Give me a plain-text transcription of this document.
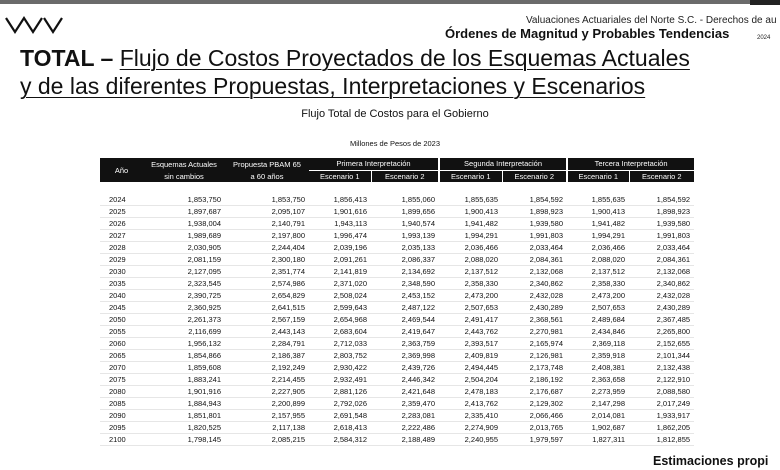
Valuaciones Actuariales del Norte S.C. - Derechos de au
Órdenes de Magnitud y Probables Tendencias	2024
TOTAL – Flujo de Costos Proyectados de los Esquemas Actuales
y de las diferentes Propuestas, Interpretaciones y Escenarios
Flujo Total de Costos para el Gobierno
Millones de Pesos de 2023
Año	Esquemas Actuales	Propuesta PBAM 65	Primera Interpretación		Segunda Interpretación		Tercera Interpretación	
	sin cambios	a 60 años	Escenario 1	Escenario 2	Escenario 1	Escenario 2	Escenario 1	Escenario 2

2024	1,853,750	1,853,750	1,856,413	1,855,060	1,855,635	1,854,592	1,855,635	1,854,592
2025	1,897,687	2,095,107	1,901,616	1,899,656	1,900,413	1,898,923	1,900,413	1,898,923
2026	1,938,004	2,140,791	1,943,113	1,940,574	1,941,482	1,939,580	1,941,482	1,939,580
2027	1,989,689	2,197,800	1,996,474	1,993,139	1,994,291	1,991,803	1,994,291	1,991,803
2028	2,030,905	2,244,404	2,039,196	2,035,133	2,036,466	2,033,464	2,036,466	2,033,464
2029	2,081,159	2,300,180	2,091,261	2,086,337	2,088,020	2,084,361	2,088,020	2,084,361
2030	2,127,095	2,351,774	2,141,819	2,134,692	2,137,512	2,132,068	2,137,512	2,132,068
2035	2,323,545	2,574,986	2,371,020	2,348,590	2,358,330	2,340,862	2,358,330	2,340,862
2040	2,390,725	2,654,829	2,508,024	2,453,152	2,473,200	2,432,028	2,473,200	2,432,028
2045	2,360,925	2,641,515	2,599,643	2,487,122	2,507,653	2,430,289	2,507,653	2,430,289
2050	2,261,373	2,567,159	2,654,968	2,469,544	2,491,417	2,368,561	2,489,684	2,367,485
2055	2,116,699	2,443,143	2,683,604	2,419,647	2,443,762	2,270,981	2,434,846	2,265,800
2060	1,956,132	2,284,791	2,712,033	2,363,759	2,393,517	2,165,974	2,369,118	2,152,655
2065	1,854,866	2,186,387	2,803,752	2,369,998	2,409,819	2,126,981	2,359,918	2,101,344
2070	1,859,608	2,192,249	2,930,422	2,439,726	2,494,445	2,173,748	2,408,381	2,132,438
2075	1,883,241	2,214,455	2,932,491	2,446,342	2,504,204	2,186,192	2,363,658	2,122,910
2080	1,901,916	2,227,905	2,881,126	2,421,648	2,478,183	2,176,687	2,273,959	2,088,580
2085	1,884,943	2,200,899	2,792,026	2,359,470	2,413,762	2,129,302	2,147,298	2,017,249
2090	1,851,801	2,157,955	2,691,548	2,283,081	2,335,410	2,066,466	2,014,081	1,933,917
2095	1,820,525	2,117,138	2,618,413	2,222,486	2,274,909	2,013,765	1,902,687	1,862,205
2100	1,798,145	2,085,215	2,584,312	2,188,489	2,240,955	1,979,597	1,827,311	1,812,855
Estimaciones propi
